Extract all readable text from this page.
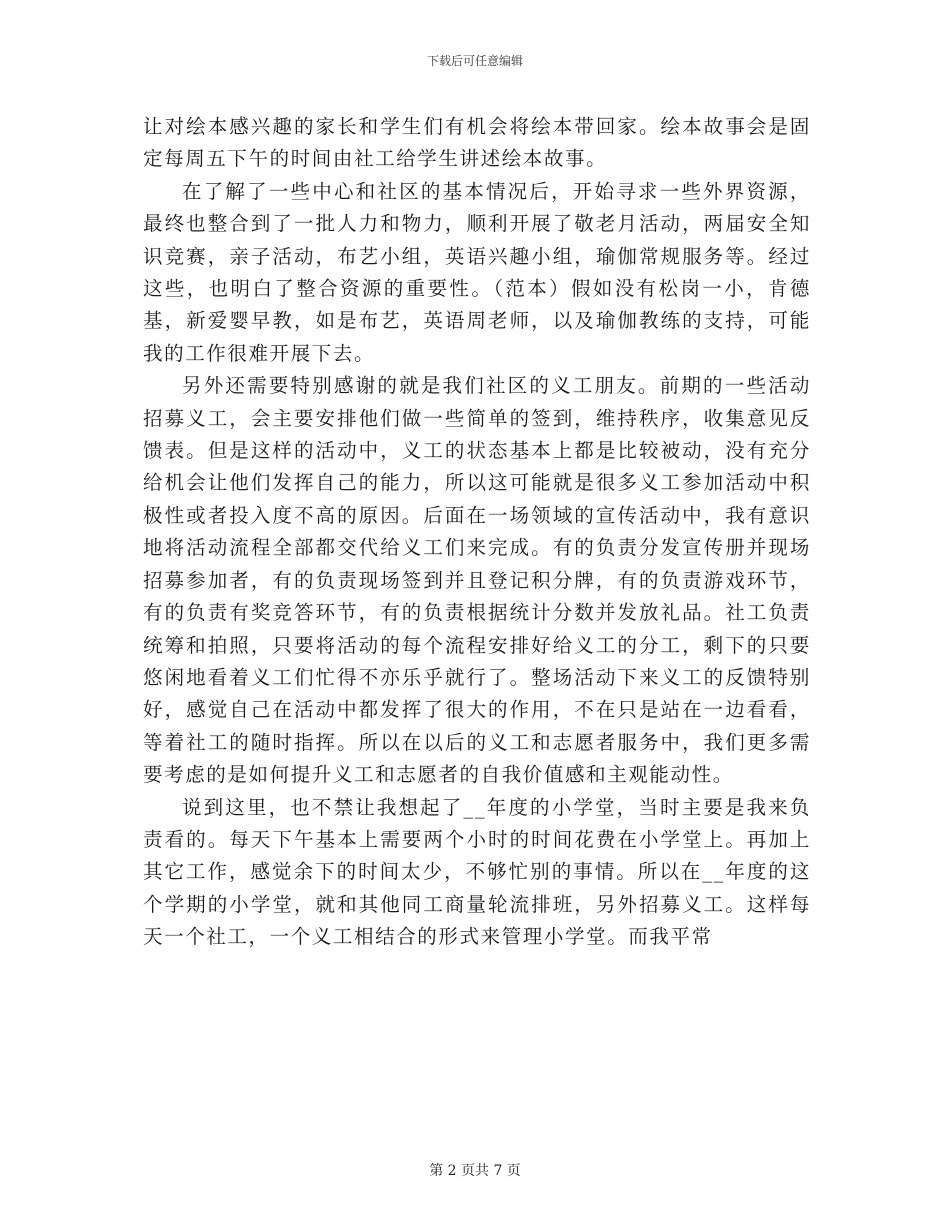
下载后可任意编辑

让对绘本感兴趣的家长和学生们有机会将绘本带回家。绘本故事会是固定每周五下午的时间由社工给学生讲述绘本故事。

在了解了一些中心和社区的基本情况后，开始寻求一些外界资源，最终也整合到了一批人力和物力，顺利开展了敬老月活动，两届安全知识竞赛，亲子活动，布艺小组，英语兴趣小组，瑜伽常规服务等。经过这些，也明白了整合资源的重要性。（范本）假如没有松岗一小，肯德基，新爱婴早教，如是布艺，英语周老师，以及瑜伽教练的支持，可能我的工作很难开展下去。

另外还需要特别感谢的就是我们社区的义工朋友。前期的一些活动招募义工，会主要安排他们做一些简单的签到，维持秩序，收集意见反馈表。但是这样的活动中，义工的状态基本上都是比较被动，没有充分给机会让他们发挥自己的能力，所以这可能就是很多义工参加活动中积极性或者投入度不高的原因。后面在一场领域的宣传活动中，我有意识地将活动流程全部都交代给义工们来完成。有的负责分发宣传册并现场招募参加者，有的负责现场签到并且登记积分牌，有的负责游戏环节，有的负责有奖竞答环节，有的负责根据统计分数并发放礼品。社工负责统筹和拍照，只要将活动的每个流程安排好给义工的分工，剩下的只要悠闲地看着义工们忙得不亦乐乎就行了。整场活动下来义工的反馈特别好，感觉自己在活动中都发挥了很大的作用，不在只是站在一边看看，等着社工的随时指挥。所以在以后的义工和志愿者服务中，我们更多需要考虑的是如何提升义工和志愿者的自我价值感和主观能动性。

说到这里，也不禁让我想起了__年度的小学堂，当时主要是我来负责看的。每天下午基本上需要两个小时的时间花费在小学堂上。再加上其它工作，感觉余下的时间太少，不够忙别的事情。所以在__年度的这个学期的小学堂，就和其他同工商量轮流排班，另外招募义工。这样每天一个社工，一个义工相结合的形式来管理小学堂。而我平常

第 2 页共 7 页
